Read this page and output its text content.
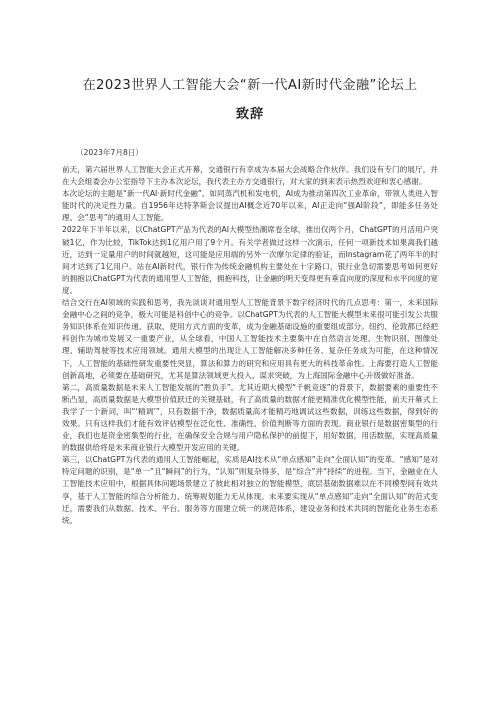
在2023世界人工智能大会“新一代AI新时代金融”论坛上
致辞
（2023年7月8日）

前天，第六届世界人工智能大会正式开幕，交通银行有幸成为本届大会战略合作伙伴。我们设有专门的展厅，并在大会组委会办公室指导下主办本次论坛，我代表主办方交通银行，对大家的到来表示热烈欢迎和衷心感谢。

本次论坛的主题是“新一代AI·新时代金融”。如同蒸汽机和发电机，AI成为推动第四次工业革命，带领人类进入智能时代的决定性力量。自1956年达特茅斯会议提出AI概念近70年以来，AI正走向“强AI阶段”，即能多任务处理、会“思考”的通用人工智能。

2022年下半年以来，以ChatGPT产品为代表的AI大模型热潮席卷全球，推出仅两个月，ChatGPT的月活用户突破1亿，作为比较，TikTok达到1亿用户用了9个月。有关学者做过这样一次演示，任何一项新技术如果离我们越近，达到一定量用户的时间就越短，这可能是应用端的另外一次摩尔定律的验证，而Instagram花了两年半的时间才达到了1亿用户。站在AI新时代，银行作为传统金融机构主要处在十字路口，银行业急切需要思考如何更好的拥抱以ChatGPT为代表的通用型人工智能，拥抱科技，让金融的明天变得更有垂直向度的深度和水平向度的宽度。

结合交行在AI领域的实践和思考，我先谈谈对通用型人工智能背景下数字经济时代的几点思考：第一，未来国际金融中心之间的竞争，极大可能是科创中心的竞争。以ChatGPT为代表的人工智能大模型未来很可能引发公共服务知识体系在知识传递、获取、使用方式方面的变革，成为金融基础设施的重要组成部分。纽约、伦敦都已经把科创作为城市发展又一重要产业，从全球看，中国人工智能技术主要集中在自然语言处理、生物识别、图像处理、辅助驾驶等技术应用领域。通用大模型的出现让人工智能解决多种任务、复杂任务成为可能，在这种情况下，人工智能的基础性研发重要性突显，算法和算力的研究和应用具有更大的科技革命性。上海要打造人工智能创新高地，必须要在基础研究，尤其是算法领域更大投入、谋求突破，为上海国际金融中心升级做好准备。

第二，高质量数据是未来人工智能发展的“胜负手”。尤其近期大模型“千帆竞逐”的背景下，数据要素的重要性不断凸显，高质量数据是大模型价值跃迁的关键基础，有了高质量的数据才能更精准优化模型性能，前天开幕式上我学了一个新词，叫“‘精调’”，只有数据干净，数据质量高才能精巧地调试这些数据，训练这些数据，得到好的效果。只有这样我们才能有效评估模型在泛化性、准确性、价值判断等方面的表现。商业银行是数据密集型的行业，我们也是资金密集型的行业，在确保安全合规与用户隐私保护的前提下，用好数据，用活数据，实现高质量的数据供给将是未来商业银行大模型开发应用的关键。

第三，以ChatGPT为代表的通用人工智能崛起，实质是AI技术从“单点感知”走向“全面认知”的变革。“感知”是对特定问题的识别，是“单一”且“瞬间”的行为，“认知”则复杂得多，是“综合”并“持续”的进程。当下，金融业在人工智能技术应用中，根据具体问题场景建立了彼此相对独立的智能模型，底层基础数据难以在不同模型间有效共享，基于人工智能的综合分析能力、统筹规划能力无从体现。未来要实现从“单点感知”走向“全面认知”的范式变迁，需要我们从数据、技术、平台、服务等方面建立统一的规范体系，建设业务和技术共同的智能化业务生态系统。
